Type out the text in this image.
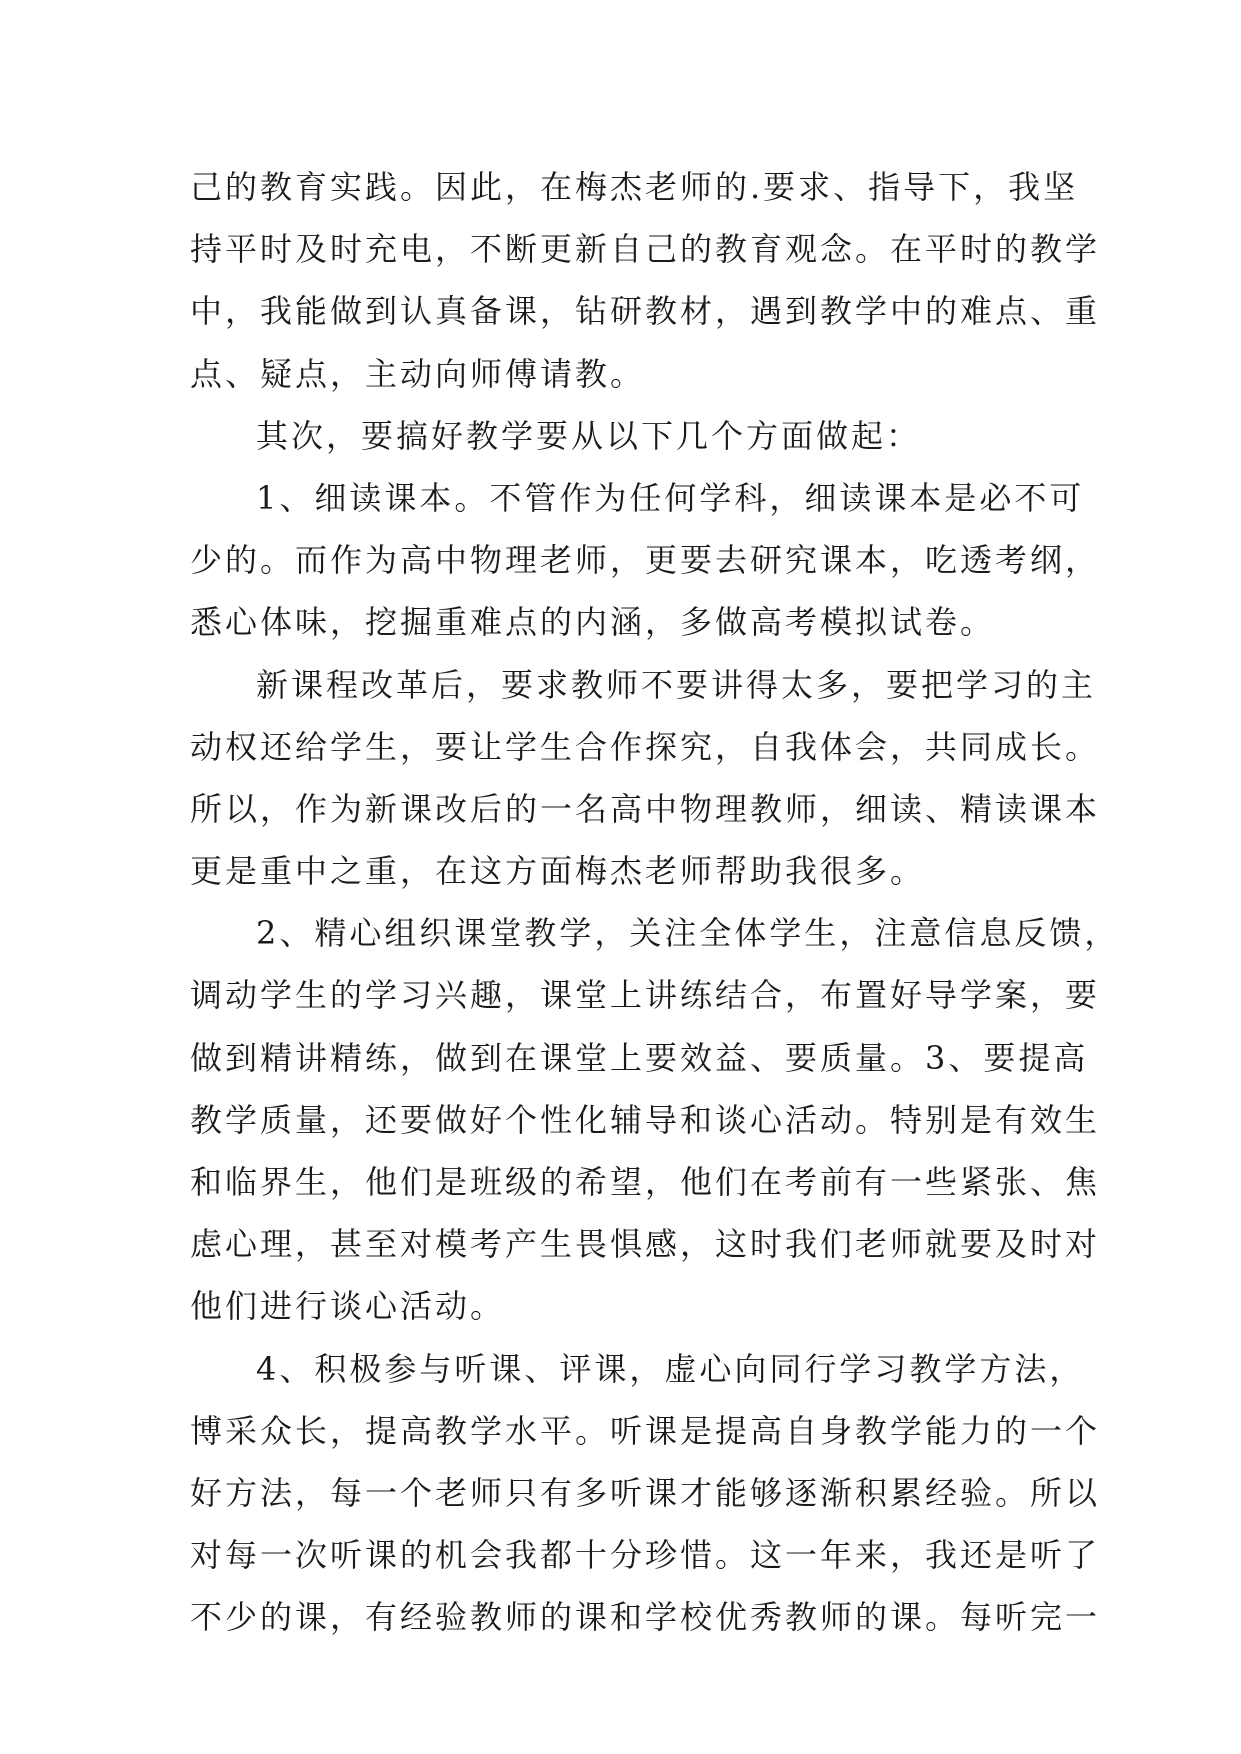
己的教育实践。因此，在梅杰老师的.要求、指导下，我坚
持平时及时充电，不断更新自己的教育观念。在平时的教学
中，我能做到认真备课，钻研教材，遇到教学中的难点、重
点、疑点，主动向师傅请教。
其次，要搞好教学要从以下几个方面做起：
1、细读课本。不管作为任何学科，细读课本是必不可
少的。而作为高中物理老师，更要去研究课本，吃透考纲，
悉心体味，挖掘重难点的内涵，多做高考模拟试卷。
新课程改革后，要求教师不要讲得太多，要把学习的主
动权还给学生，要让学生合作探究，自我体会，共同成长。
所以，作为新课改后的一名高中物理教师，细读、精读课本
更是重中之重，在这方面梅杰老师帮助我很多。
2、精心组织课堂教学，关注全体学生，注意信息反馈，
调动学生的学习兴趣，课堂上讲练结合，布置好导学案，要
做到精讲精练，做到在课堂上要效益、要质量。3、要提高
教学质量，还要做好个性化辅导和谈心活动。特别是有效生
和临界生，他们是班级的希望，他们在考前有一些紧张、焦
虑心理，甚至对模考产生畏惧感，这时我们老师就要及时对
他们进行谈心活动。
4、积极参与听课、评课，虚心向同行学习教学方法，
博采众长，提高教学水平。听课是提高自身教学能力的一个
好方法，每一个老师只有多听课才能够逐渐积累经验。所以
对每一次听课的机会我都十分珍惜。这一年来，我还是听了
不少的课，有经验教师的课和学校优秀教师的课。每听完一
